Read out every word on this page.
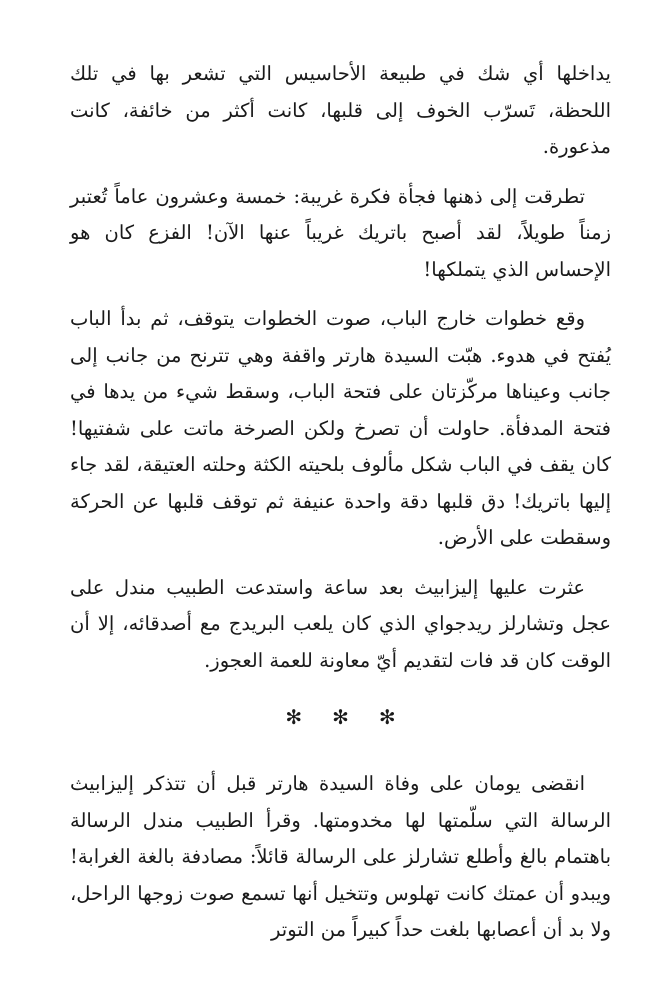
يداخلها أي شك في طبيعة الأحاسيس التي تشعر بها في تلك اللحظة، تَسرّب الخوف إلى قلبها، كانت أكثر من خائفة، كانت مذعورة.

تطرقت إلى ذهنها فجأة فكرة غريبة: خمسة وعشرون عاماً تُعتبر زمناً طويلاً، لقد أصبح باتريك غريباً عنها الآن! الفزع كان هو الإحساس الذي يتملكها!

وقع خطوات خارج الباب، صوت الخطوات يتوقف، ثم بدأ الباب يُفتح في هدوء. هبّت السيدة هارتر واقفة وهي تترنح من جانب إلى جانب وعيناها مركّزتان على فتحة الباب، وسقط شيء من يدها في فتحة المدفأة. حاولت أن تصرخ ولكن الصرخة ماتت على شفتيها! كان يقف في الباب شكل مألوف بلحيته الكثة وحلته العتيقة، لقد جاء إليها باتريك! دق قلبها دقة واحدة عنيفة ثم توقف قلبها عن الحركة وسقطت على الأرض.

عثرت عليها إليزابيث بعد ساعة واستدعت الطبيب مندل على عجل وتشارلز ريدجواي الذي كان يلعب البريدج مع أصدقائه، إلا أن الوقت كان قد فات لتقديم أيّ معاونة للعمة العجوز.

✻
✻
✻

انقضى يومان على وفاة السيدة هارتر قبل أن تتذكر إليزابيث الرسالة التي سلّمتها لها مخدومتها. وقرأ الطبيب مندل الرسالة باهتمام بالغ وأطلع تشارلز على الرسالة قائلاً: مصادفة بالغة الغرابة! ويبدو أن عمتك كانت تهلوس وتتخيل أنها تسمع صوت زوجها الراحل، ولا بد أن أعصابها بلغت حداً كبيراً من التوتر
